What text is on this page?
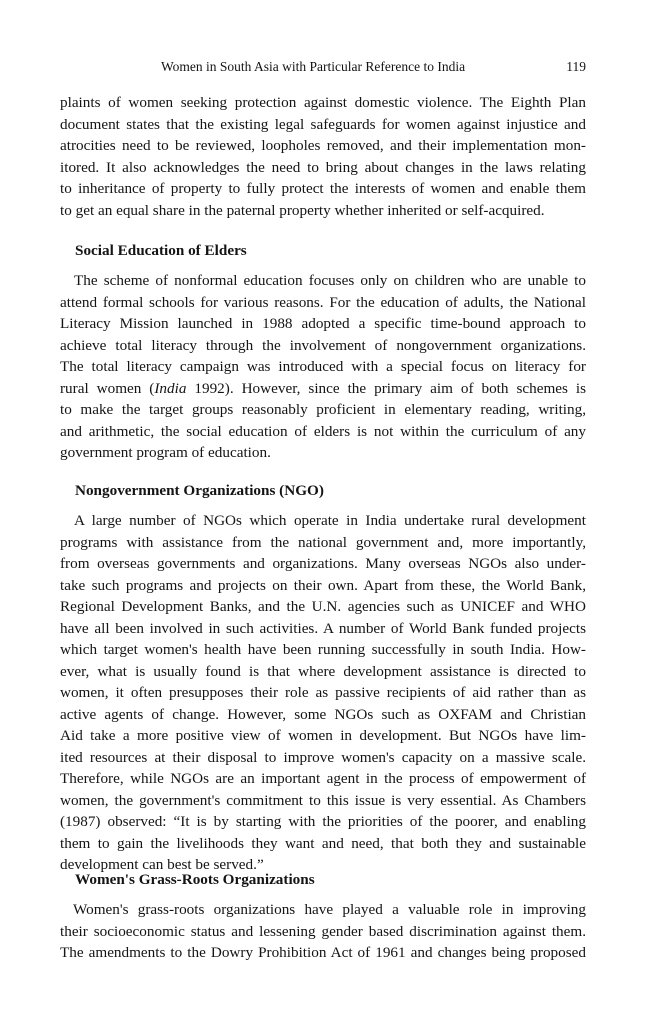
Women in South Asia with Particular Reference to India	119
plaints of women seeking protection against domestic violence. The Eighth Plan
document states that the existing legal safeguards for women against injustice and
atrocities need to be reviewed, loopholes removed, and their implementation mon-
itored. It also acknowledges the need to bring about changes in the laws relating
to inheritance of property to fully protect the interests of women and enable them
to get an equal share in the paternal property whether inherited or self-acquired.
Social Education of Elders
The scheme of nonformal education focuses only on children who are unable to
attend formal schools for various reasons. For the education of adults, the National
Literacy Mission launched in 1988 adopted a specific time-bound approach to
achieve total literacy through the involvement of nongovernment organizations.
The total literacy campaign was introduced with a special focus on literacy for
rural women (India 1992). However, since the primary aim of both schemes is
to make the target groups reasonably proficient in elementary reading, writing,
and arithmetic, the social education of elders is not within the curriculum of any
government program of education.
Nongovernment Organizations (NGO)
A large number of NGOs which operate in India undertake rural development
programs with assistance from the national government and, more importantly,
from overseas governments and organizations. Many overseas NGOs also under-
take such programs and projects on their own. Apart from these, the World Bank,
Regional Development Banks, and the U.N. agencies such as UNICEF and WHO
have all been involved in such activities. A number of World Bank funded projects
which target women's health have been running successfully in south India. How-
ever, what is usually found is that where development assistance is directed to
women, it often presupposes their role as passive recipients of aid rather than as
active agents of change. However, some NGOs such as OXFAM and Christian
Aid take a more positive view of women in development. But NGOs have lim-
ited resources at their disposal to improve women's capacity on a massive scale.
Therefore, while NGOs are an important agent in the process of empowerment of
women, the government's commitment to this issue is very essential. As Chambers
(1987) observed: “It is by starting with the priorities of the poorer, and enabling
them to gain the livelihoods they want and need, that both they and sustainable
development can best be served.”
Women's Grass-Roots Organizations
Women's grass-roots organizations have played a valuable role in improving
their socioeconomic status and lessening gender based discrimination against them.
The amendments to the Dowry Prohibition Act of 1961 and changes being proposed
